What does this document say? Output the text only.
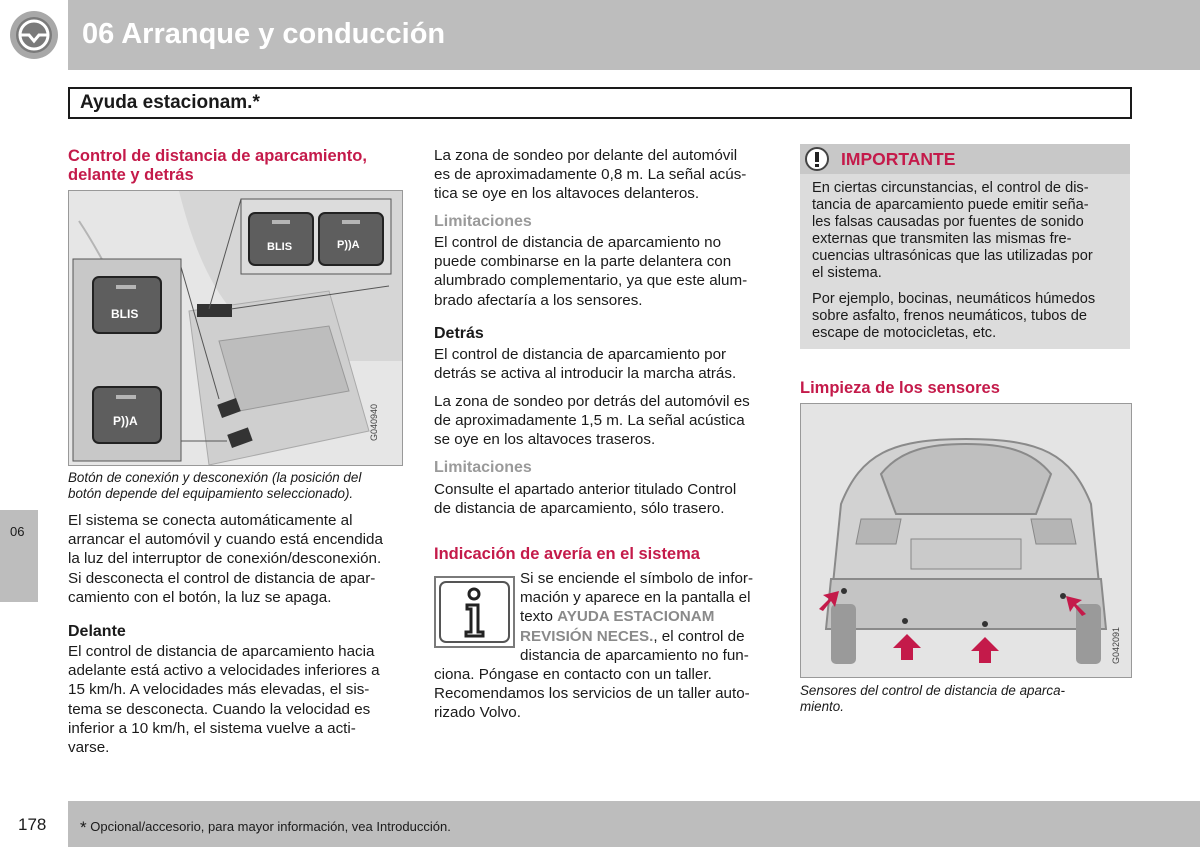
06 Arranque y conducción
Ayuda estacionam.*
06
Control de distancia de aparcamiento,
delante y detrás
BLIS	P))A
BLIS
P))A	G040940
Botón de conexión y desconexión (la posición del
botón depende del equipamiento seleccionado).
El sistema se conecta automáticamente al
arrancar el automóvil y cuando está encendida
la luz del interruptor de conexión/desconexión.
Si desconecta el control de distancia de apar-
camiento con el botón, la luz se apaga.
Delante
El control de distancia de aparcamiento hacia
adelante está activo a velocidades inferiores a
15 km/h. A velocidades más elevadas, el sis-
tema se desconecta. Cuando la velocidad es
inferior a 10 km/h, el sistema vuelve a acti-
varse.
La zona de sondeo por delante del automóvil
es de aproximadamente 0,8 m. La señal acús-
tica se oye en los altavoces delanteros.
Limitaciones
El control de distancia de aparcamiento no
puede combinarse en la parte delantera con
alumbrado complementario, ya que este alum-
brado afectaría a los sensores.
Detrás
El control de distancia de aparcamiento por
detrás se activa al introducir la marcha atrás.
La zona de sondeo por detrás del automóvil es
de aproximadamente 1,5 m. La señal acústica
se oye en los altavoces traseros.
Limitaciones
Consulte el apartado anterior titulado Control
de distancia de aparcamiento, sólo trasero.
Indicación de avería en el sistema
Si se enciende el símbolo de infor-
mación y aparece en la pantalla el
texto AYUDA ESTACIONAM
REVISIÓN NECES., el control de
distancia de aparcamiento no fun-
ciona. Póngase en contacto con un taller.
Recomendamos los servicios de un taller auto-
rizado Volvo.
IMPORTANTE
En ciertas circunstancias, el control de dis-
tancia de aparcamiento puede emitir seña-
les falsas causadas por fuentes de sonido
externas que transmiten las mismas fre-
cuencias ultrasónicas que las utilizadas por
el sistema.
Por ejemplo, bocinas, neumáticos húmedos
sobre asfalto, frenos neumáticos, tubos de
escape de motocicletas, etc.
Limpieza de los sensores
G042091
Sensores del control de distancia de aparca-
miento.
178 * Opcional/accesorio, para mayor información, vea Introducción.
